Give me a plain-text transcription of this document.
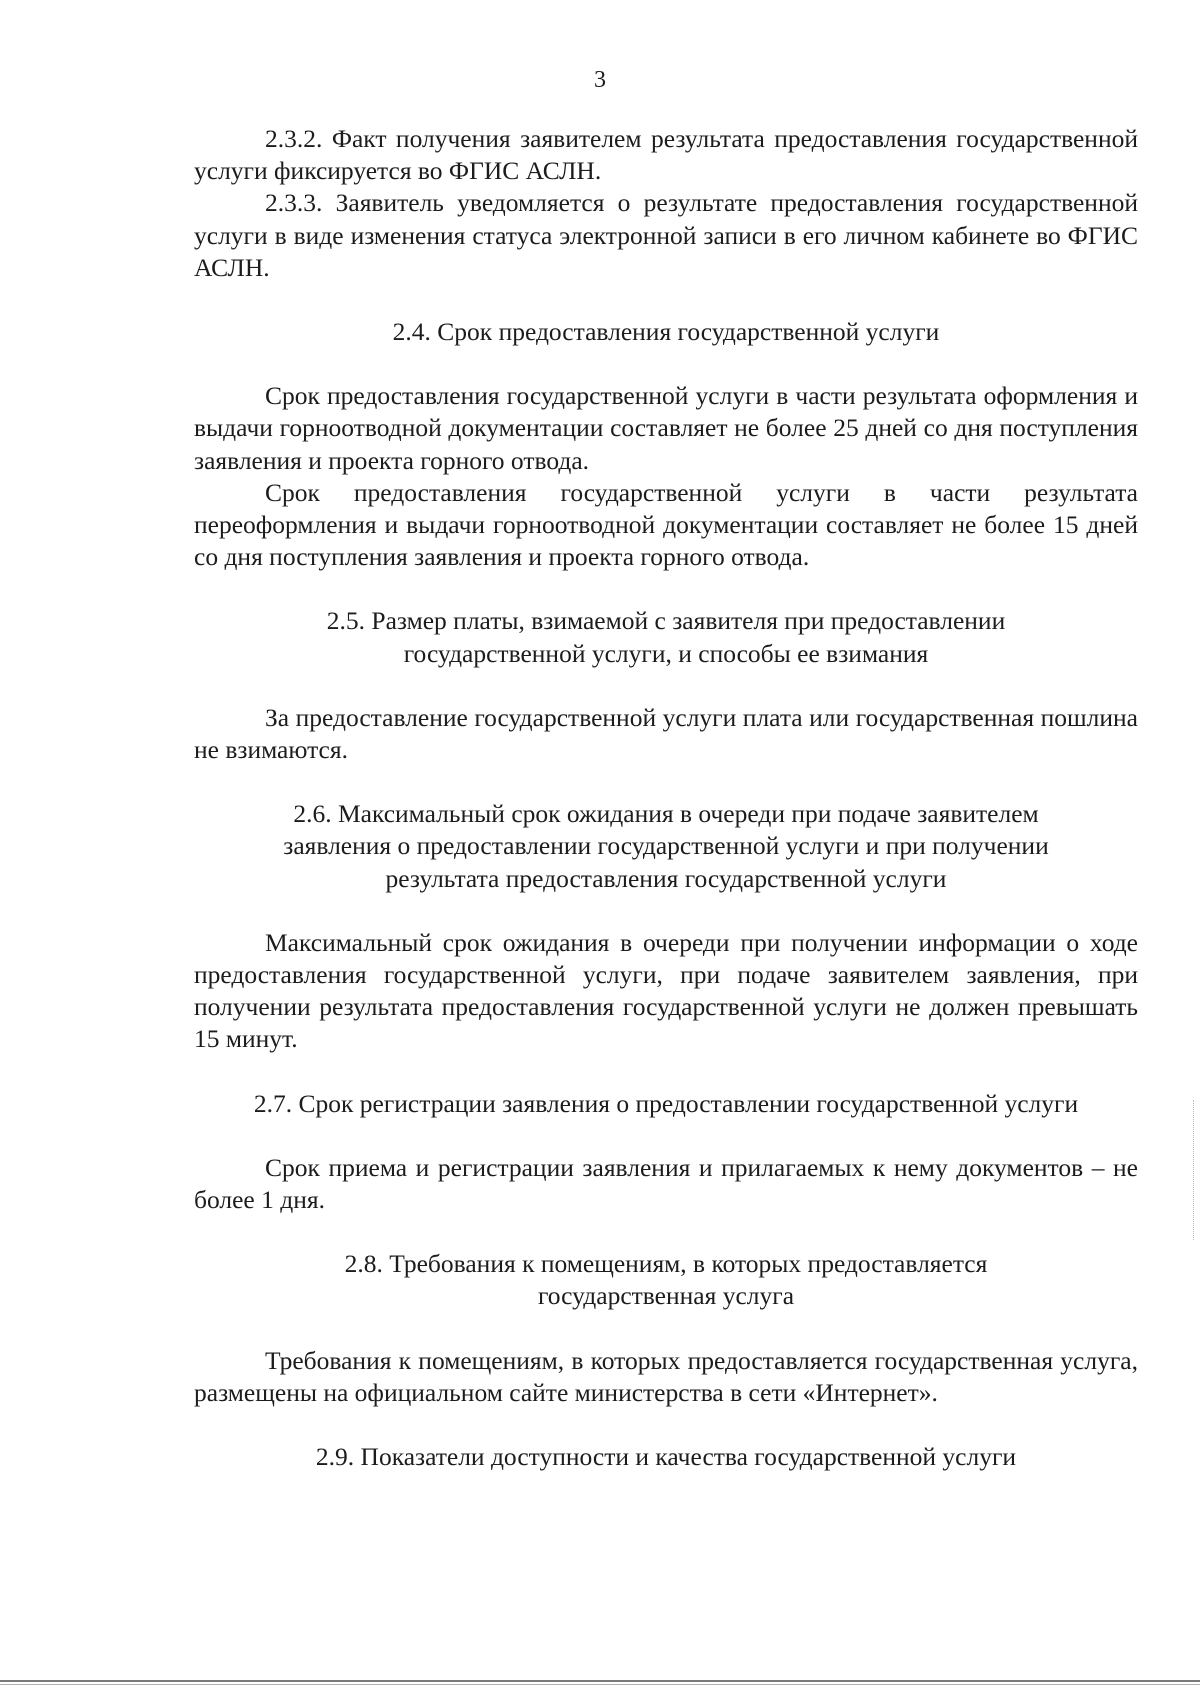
3

2.3.2. Факт получения заявителем результата предоставления государственной услуги фиксируется во ФГИС АСЛН.

2.3.3. Заявитель уведомляется о результате предоставления государственной услуги в виде изменения статуса электронной записи в его личном кабинете во ФГИС АСЛН.

2.4. Срок предоставления государственной услуги

Срок предоставления государственной услуги в части результата оформления и выдачи горноотводной документации составляет не более 25 дней со дня поступления заявления и проекта горного отвода.

Срок предоставления государственной услуги в части результата переоформления и выдачи горноотводной документации составляет не более 15 дней со дня поступления заявления и проекта горного отвода.

2.5. Размер платы, взимаемой с заявителя при предоставлении

государственной услуги, и способы ее взимания

За предоставление государственной услуги плата или государственная пошлина не взимаются.

2.6. Максимальный срок ожидания в очереди при подаче заявителем

заявления о предоставлении государственной услуги и при получении

результата предоставления государственной услуги

Максимальный срок ожидания в очереди при получении информации о ходе предоставления государственной услуги, при подаче заявителем заявления, при получении результата предоставления государственной услуги не должен превышать 15 минут.

2.7. Срок регистрации заявления о предоставлении государственной услуги

Срок приема и регистрации заявления и прилагаемых к нему документов – не более 1 дня.

2.8. Требования к помещениям, в которых предоставляется

государственная услуга

Требования к помещениям, в которых предоставляется государственная услуга, размещены на официальном сайте министерства в сети «Интернет».

2.9. Показатели доступности и качества государственной услуги
